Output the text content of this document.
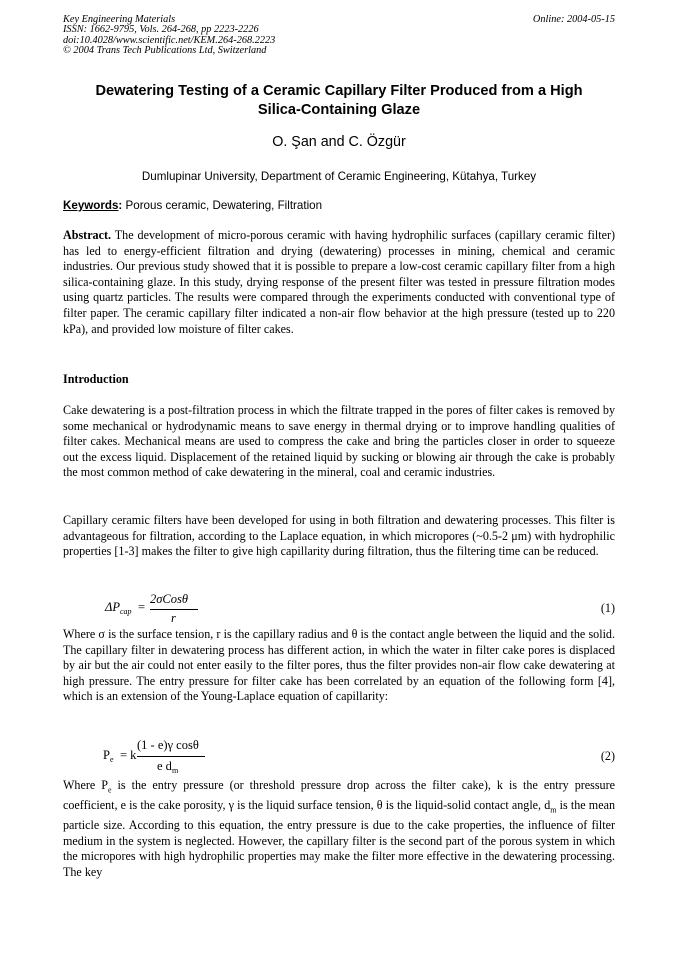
Key Engineering Materials
ISSN: 1662-9795, Vols. 264-268, pp 2223-2226
doi:10.4028/www.scientific.net/KEM.264-268.2223
© 2004 Trans Tech Publications Ltd, Switzerland
Online: 2004-05-15
Dewatering Testing of a Ceramic Capillary Filter Produced from a High
Silica-Containing Glaze
O. Şan and C. Özgür
Dumlupinar University, Department of Ceramic Engineering, Kütahya, Turkey
Keywords: Porous ceramic, Dewatering, Filtration
Abstract. The development of micro-porous ceramic with having hydrophilic surfaces (capillary ceramic filter) has led to energy-efficient filtration and drying (dewatering) processes in mining, chemical and ceramic industries. Our previous study showed that it is possible to prepare a low-cost ceramic capillary filter from a high silica-containing glaze. In this study, drying response of the present filter was tested in pressure filtration modes using quartz particles. The results were compared through the experiments conducted with conventional type of filter paper. The ceramic capillary filter indicated a non-air flow behavior at the high pressure (tested up to 220 kPa), and provided low moisture of filter cakes.
Introduction
Cake dewatering is a post-filtration process in which the filtrate trapped in the pores of filter cakes is removed by some mechanical or hydrodynamic means to save energy in thermal drying or to improve handling qualities of filter cakes. Mechanical means are used to compress the cake and bring the particles closer in order to squeeze out the excess liquid. Displacement of the retained liquid by sucking or blowing air through the cake is probably the most common method of cake dewatering in the mineral, coal and ceramic industries.
Capillary ceramic filters have been developed for using in both filtration and dewatering processes. This filter is advantageous for filtration, according to the Laplace equation, in which micropores (~0.5-2 μm) with hydrophilic properties [1-3] makes the filter to give high capillarity during filtration, thus the filtering time can be reduced.
$\Delta P_{cap}$ =
2σCosθ
r
(1)
Where σ is the surface tension, r is the capillary radius and θ is the contact angle between the liquid and the solid. The capillary filter in dewatering process has different action, in which the water in filter cake pores is displaced by air but the air could not enter easily to the filter pores, thus the filter provides non-air flow cake dewatering at high pressure. The entry pressure for filter cake has been correlated by an equation of the following form [4], which is an extension of the Young-Laplace equation of capillarity:
$P_e = k$
(1 - e)γ cosθ
e $d_m$
(2)
Where $P_e$ is the entry pressure (or threshold pressure drop across the filter cake), k is the entry pressure coefficient, e is the cake porosity, γ is the liquid surface tension, θ is the liquid-solid contact angle, $d_m$ is the mean particle size. According to this equation, the entry pressure is due to the cake properties, the influence of filter medium in the system is neglected. However, the capillary filter is the second part of the porous system in which the micropores with high hydrophilic properties may make the filter more effective in the dewatering processing. The key
